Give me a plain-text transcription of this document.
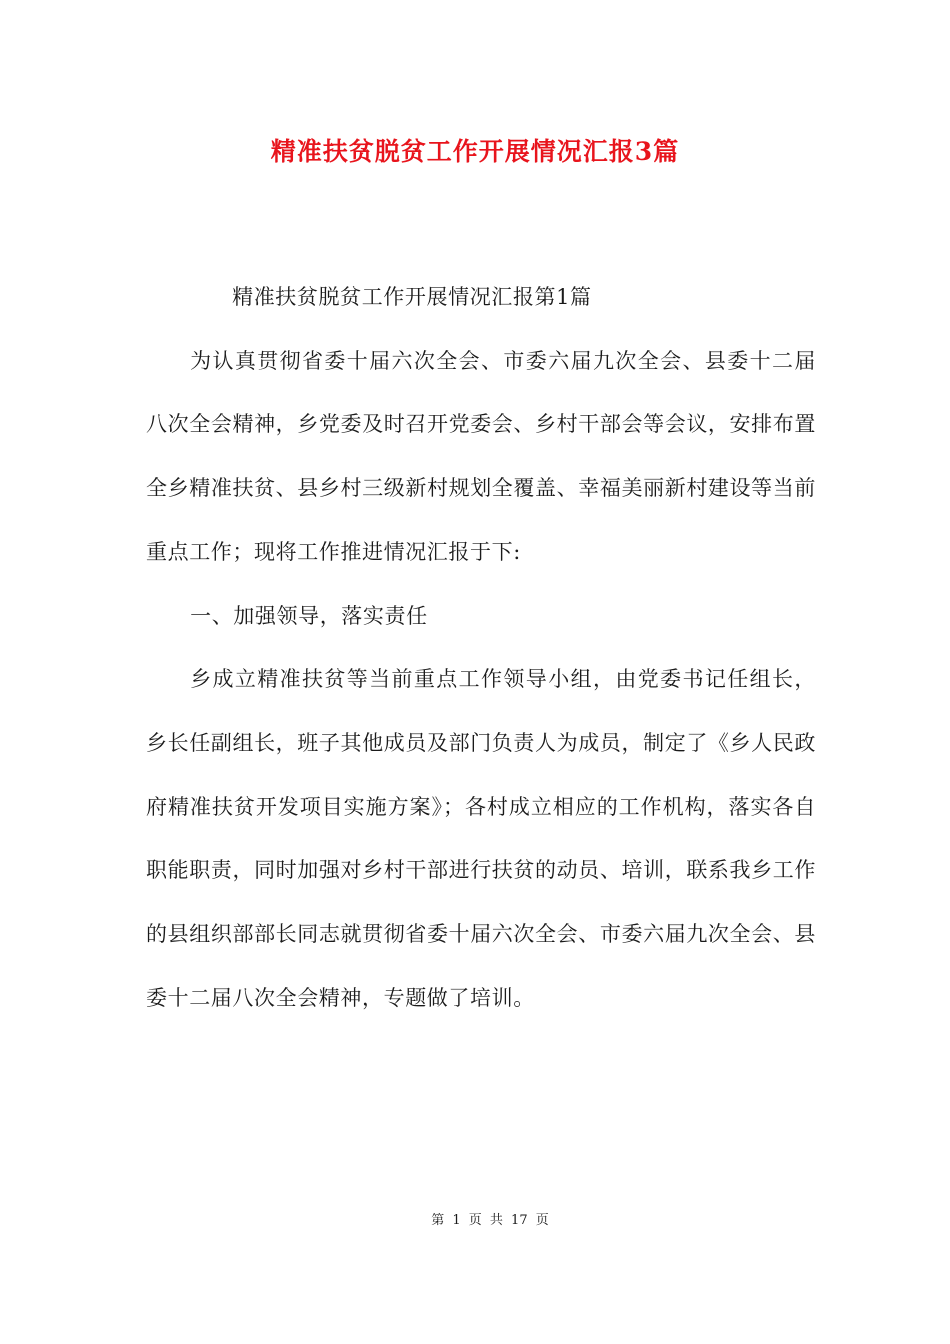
精准扶贫脱贫工作开展情况汇报3篇

精准扶贫脱贫工作开展情况汇报第1篇

为认真贯彻省委十届六次全会、市委六届九次全会、县委十二届八次全会精神，乡党委及时召开党委会、乡村干部会等会议，安排布置全乡精准扶贫、县乡村三级新村规划全覆盖、幸福美丽新村建设等当前重点工作；现将工作推进情况汇报于下:

一、加强领导，落实责任

乡成立精准扶贫等当前重点工作领导小组，由党委书记任组长，乡长任副组长，班子其他成员及部门负责人为成员，制定了《乡人民政府精准扶贫开发项目实施方案》；各村成立相应的工作机构，落实各自职能职责，同时加强对乡村干部进行扶贫的动员、培训，联系我乡工作的县组织部部长同志就贯彻省委十届六次全会、市委六届九次全会、县委十二届八次全会精神，专题做了培训。

第 1 页 共 17 页
